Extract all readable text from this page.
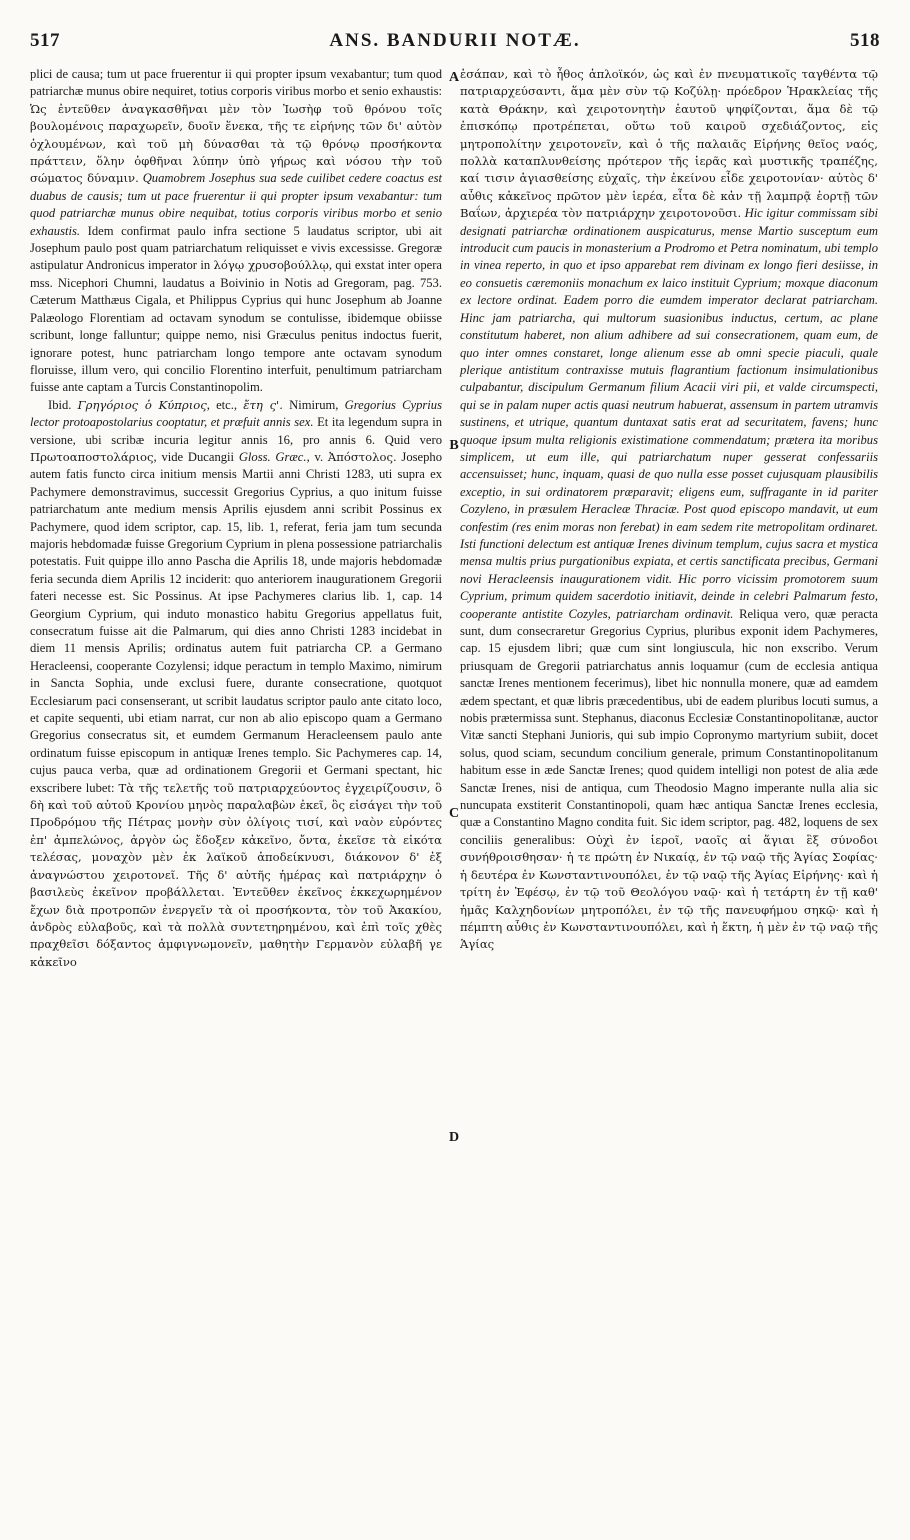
517	ANS. BANDURII NOTÆ.	518
A
B
C
D

plici de causa; tum ut pace fruerentur ii qui propter ipsum vexabantur; tum quod patriarchæ munus obire nequiret, totius corporis viribus morbo et senio exhaustis: Ὡς ἐντεῦθεν ἀναγκασθῆναι μὲν τὸν Ἰωσὴφ τοῦ θρόνου τοῖς βουλομένοις παραχωρεῖν, δυοῖν ἕνεκα, τῆς τε εἰρήνης τῶν δι' αὐτὸν ὀχλουμένων, καὶ τοῦ μὴ δύνασθαι τὰ τῷ θρόνῳ προσήκοντα πράττειν, ὅλην ὀφθῆναι λύπην ὑπὸ γήρως καὶ νόσου τὴν τοῦ σώματος δύναμιν. Quamobrem Josephus sua sede cuilibet cedere coactus est duabus de causis; tum ut pace fruerentur ii qui propter ipsum vexabantur: tum quod patriarchæ munus obire nequibat, totius corporis viribus morbo et senio exhaustis. Idem confirmat paulo infra sectione 5 laudatus scriptor, ubi ait Josephum paulo post quam patriarchatum reliquisset e vivis excessisse. Gregoræ astipulatur Andronicus imperator in λόγῳ χρυσοβούλλῳ, qui exstat inter opera mss. Nicephori Chumni, laudatus a Boivinio in Notis ad Gregoram, pag. 753. Cæterum Matthæus Cigala, et Philippus Cyprius qui hunc Josephum ab Joanne Palæologo Florentiam ad octavam synodum se contulisse, ibidemque obiisse scribunt, longe falluntur; quippe nemo, nisi Græculus penitus indoctus fuerit, ignorare potest, hunc patriarcham longo tempore ante octavam synodum floruisse, illum vero, qui concilio Florentino interfuit, penultimum patriarcham fuisse ante captam a Turcis Constantinopolim.

Ibid. Γρηγόριος ὁ Κύπριος, etc., ἔτη ς'. Nimirum, Gregorius Cyprius lector protoapostolarius cooptatur, et præfuit annis sex. Et ita legendum supra in versione, ubi scribæ incuria legitur annis 16, pro annis 6. Quid vero Πρωτοαποστολάριος, vide Ducangii Gloss. Græc., v. Ἀπόστολος. Josepho autem fatis functo circa initium mensis Martii anni Christi 1283, uti supra ex Pachymere demonstravimus, successit Gregorius Cyprius, a quo initum fuisse patriarchatum ante medium mensis Aprilis ejusdem anni scribit Possinus ex Pachymere, quod idem scriptor, cap. 15, lib. 1, referat, feria jam tum secunda majoris hebdomadæ fuisse Gregorium Cyprium in plena possessione patriarchalis potestatis. Fuit quippe illo anno Pascha die Aprilis 18, unde majoris hebdomadæ feria secunda diem Aprilis 12 inciderit: quo anteriorem inaugurationem Gregorii fateri necesse est. Sic Possinus. At ipse Pachymeres clarius lib. 1, cap. 14 Georgium Cyprium, qui induto monastico habitu Gregorius appellatus fuit, consecratum fuisse ait die Palmarum, qui dies anno Christi 1283 incidebat in diem 11 mensis Aprilis; ordinatus autem fuit patriarcha CP. a Germano Heracleensi, cooperante Cozylensi; idque peractum in templo Maximo, nimirum in Sancta Sophia, unde exclusi fuere, durante consecratione, quotquot Ecclesiarum paci consenserant, ut scribit laudatus scriptor paulo ante citato loco, et capite sequenti, ubi etiam narrat, cur non ab alio episcopo quam a Germano Gregorius consecratus sit, et eumdem Germanum Heracleensem paulo ante ordinatum fuisse episcopum in antiquæ Irenes templo. Sic Pachymeres cap. 14, cujus pauca verba, quæ ad ordinationem Gregorii et Germani spectant, hic exscribere lubet: Τὰ τῆς τελετῆς τοῦ πατριαρχεύοντος ἐγχειρίζουσιν, ὃ δὴ καὶ τοῦ αὐτοῦ Κρονίου μηνὸς παραλαβὼν ἐκεῖ, ὃς εἰσάγει τὴν τοῦ Προδρόμου τῆς Πέτρας μονὴν σὺν ὀλίγοις τισί, καὶ ναὸν εὑρόντες ἐπ' ἀμπελώνος, ἀργὸν ὡς ἔδοξεν κἀκεῖνο, ὄντα, ἐκεῖσε τὰ εἰκότα τελέσας, μοναχὸν μὲν ἐκ λαϊκοῦ ἀποδείκνυσι, διάκονον δ' ἐξ ἀναγνώστου χειροτονεῖ. Τῆς δ' αὐτῆς ἡμέρας καὶ πατριάρχην ὁ βασιλεὺς ἐκεῖνον προβάλλεται. Ἐντεῦθεν ἐκεῖνος ἐκκεχωρημένον ἔχων διὰ προτροπῶν ἐνεργεῖν τὰ οἱ προσήκοντα, τὸν τοῦ Ἀκακίου, ἀνδρὸς εὐλαβοῦς, καὶ τὰ πολλὰ συντετηρημένου, καὶ ἐπὶ τοῖς χθὲς πραχθεῖσι δόξαντος ἀμφιγνωμονεῖν, μαθητὴν Γερμανὸν εὐλαβῆ γε κἀκεῖνο

ἐσάπαν, καὶ τὸ ἦθος ἁπλοϊκόν, ὡς καὶ ἐν πνευματικοῖς ταγθέντα τῷ πατριαρχεύσαντι, ἅμα μὲν σὺν τῷ Κοζύλῃ· πρόεδρον Ἡρακλείας τῆς κατὰ Θράκην, καὶ χειροτονητὴν ἑαυτοῦ ψηφίζονται, ἅμα δὲ τῷ ἐπισκόπῳ προτρέπεται, οὕτω τοῦ καιροῦ σχεδιάζοντος, εἰς μητροπολίτην χειροτονεῖν, καὶ ὁ τῆς παλαιᾶς Εἰρήνης θεῖος ναός, πολλὰ καταπλυνθείσης πρότερον τῆς ἱερᾶς καὶ μυστικῆς τραπέζης, καί τισιν ἁγιασθείσης εὐχαῖς, τὴν ἐκείνου εἶδε χειροτονίαν· αὐτὸς δ' αὖθις κἀκεῖνος πρῶτον μὲν ἱερέα, εἶτα δὲ κἀν τῇ λαμπρᾷ ἑορτῇ τῶν Βαΐων, ἀρχιερέα τὸν πατριάρχην χειροτονοῦσι. Hic igitur commissam sibi designati patriarchæ ordinationem auspicaturus, mense Martio susceptum eum introducit cum paucis in monasterium a Prodromo et Petra nominatum, ubi templo in vinea reperto, in quo et ipso apparebat rem divinam ex longo fieri desiisse, in eo consuetis cæremoniis monachum ex laico instituit Cyprium; moxque diaconum ex lectore ordinat. Eadem porro die eumdem imperator declarat patriarcham. Hinc jam patriarcha, qui multorum suasionibus inductus, certum, ac plane constitutum haberet, non alium adhibere ad sui consecrationem, quam eum, de quo inter omnes constaret, longe alienum esse ab omni specie piaculi, quale plerique antistitum contraxisse mutuis flagrantium factionum insimulationibus culpabantur, discipulum Germanum filium Acacii viri pii, et valde circumspecti, qui se in palam nuper actis quasi neutrum habuerat, assensum in partem utramvis sustinens, et utrique, quantum duntaxat satis erat ad securitatem, favens; hunc quoque ipsum multa religionis existimatione commendatum; prætera ita moribus simplicem, ut eum ille, qui patriarchatum nuper gesserat confessariis accensuisset; hunc, inquam, quasi de quo nulla esse posset cujusquam plausibilis exceptio, in sui ordinatorem præparavit; eligens eum, suffragante in id pariter Cozyleno, in præsulem Heracleæ Thraciæ. Post quod episcopo mandavit, ut eum confestim (res enim moras non ferebat) in eam sedem rite metropolitam ordinaret. Isti functioni delectum est antiquæ Irenes divinum templum, cujus sacra et mystica mensa multis prius purgationibus expiata, et certis sanctificata precibus, Germani novi Heracleensis inaugurationem vidit. Hic porro vicissim promotorem suum Cyprium, primum quidem sacerdotio initiavit, deinde in celebri Palmarum festo, cooperante antistite Cozyles, patriarcham ordinavit. Reliqua vero, quæ peracta sunt, dum consecraretur Gregorius Cyprius, pluribus exponit idem Pachymeres, cap. 15 ejusdem libri; quæ cum sint longiuscula, hic non exscribo. Verum priusquam de Gregorii patriarchatus annis loquamur (cum de ecclesia antiqua sanctæ Irenes mentionem fecerimus), libet hic nonnulla monere, quæ ad eamdem ædem spectant, et quæ libris præcedentibus, ubi de eadem pluribus locuti sumus, a nobis prætermissa sunt. Stephanus, diaconus Ecclesiæ Constantinopolitanæ, auctor Vitæ sancti Stephani Junioris, qui sub impio Copronymo martyrium subiit, docet solus, quod sciam, secundum concilium generale, primum Constantinopolitanum habitum esse in æde Sanctæ Irenes; quod quidem intelligi non potest de alia æde Sanctæ Irenes, nisi de antiqua, cum Theodosio Magno imperante nulla alia sic nuncupata exstiterit Constantinopoli, quam hæc antiqua Sanctæ Irenes ecclesia, quæ a Constantino Magno condita fuit. Sic idem scriptor, pag. 482, loquens de sex conciliis generalibus: Οὐχὶ ἐν ἱεροῖ, ναοῖς αἱ ἅγιαι ἓξ σύνοδοι συνήθροισθησαν· ἡ τε πρώτη ἐν Νικαίᾳ, ἐν τῷ ναῷ τῆς Ἁγίας Σοφίας· ἡ δευτέρα ἐν Κωνσταντινουπόλει, ἐν τῷ ναῷ τῆς Ἁγίας Εἰρήνης· καὶ ἡ τρίτη ἐν Ἐφέσῳ, ἐν τῷ τοῦ Θεολόγου ναῷ· καὶ ἡ τετάρτη ἐν τῇ καθ' ἡμᾶς Καλχηδονίων μητροπόλει, ἐν τῷ τῆς πανευφήμου σηκῷ· καὶ ἡ πέμπτη αὖθις ἐν Κωνσταντινουπόλει, καὶ ἡ ἕκτη, ἡ μὲν ἐν τῷ ναῷ τῆς Ἁγίας
